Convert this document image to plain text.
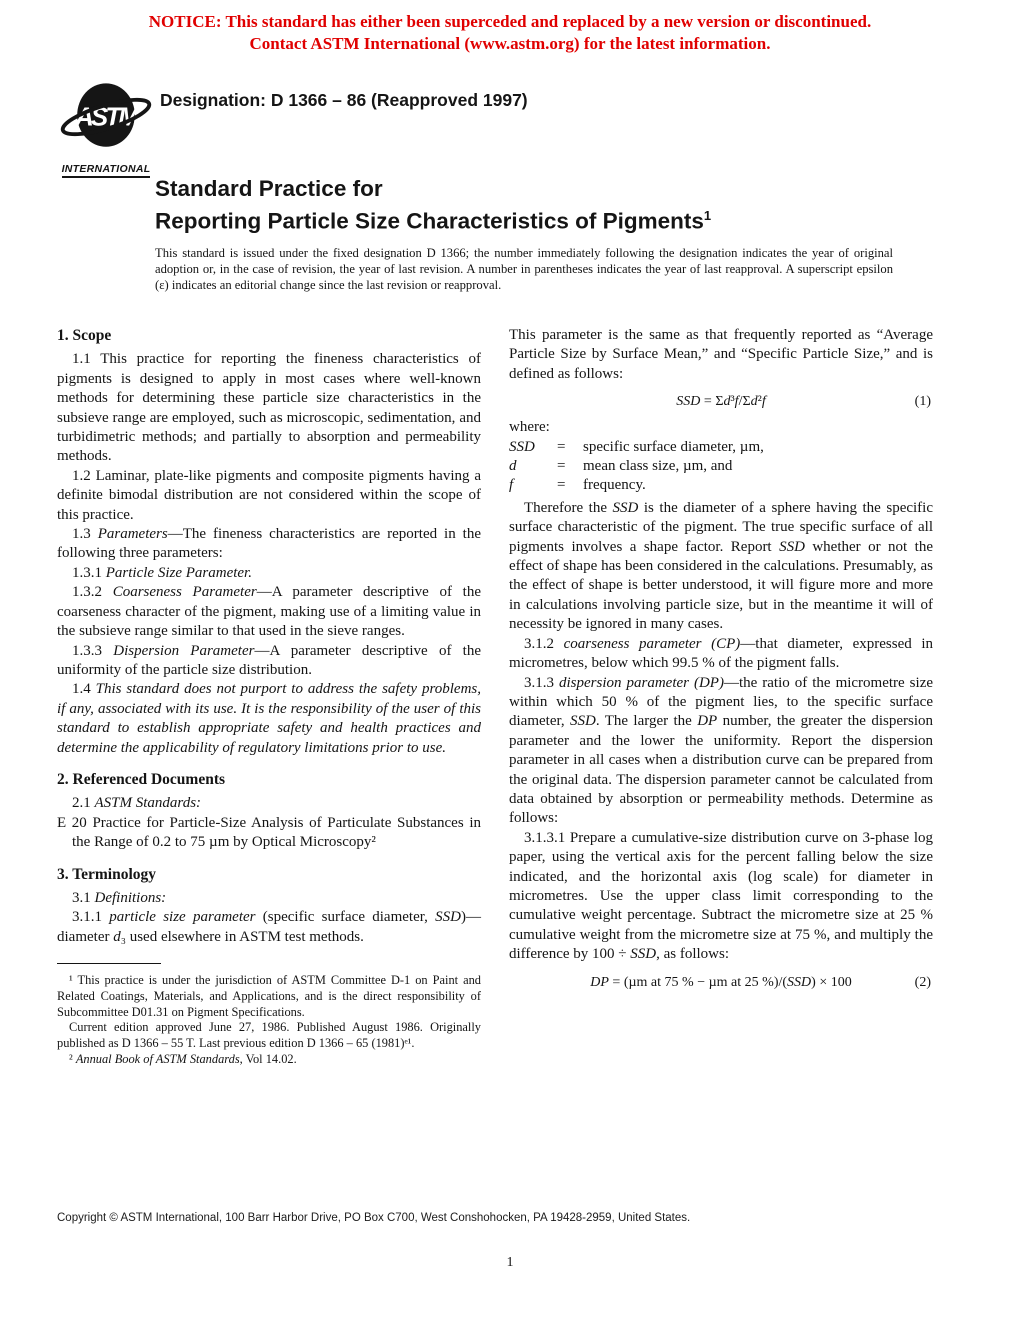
NOTICE: This standard has either been superceded and replaced by a new version or discontinued.
Contact ASTM International (www.astm.org) for the latest information.
ASTM
INTERNATIONAL
Designation: D 1366 – 86 (Reapproved 1997)
Standard Practice for
Reporting Particle Size Characteristics of Pigments$^1$
This standard is issued under the fixed designation D 1366; the number immediately following the designation indicates the year of original adoption or, in the case of revision, the year of last revision. A number in parentheses indicates the year of last reapproval. A superscript epsilon (ε) indicates an editorial change since the last revision or reapproval.
1. Scope

1.1 This practice for reporting the fineness characteristics of pigments is designed to apply in most cases where well-known methods for determining these particle size characteristics in the subsieve range are employed, such as microscopic, sedimentation, and turbidimetric methods; and partially to absorption and permeability methods.

1.2 Laminar, plate-like pigments and composite pigments having a definite bimodal distribution are not considered within the scope of this practice.

1.3 Parameters—The fineness characteristics are reported in the following three parameters:

1.3.1 Particle Size Parameter.

1.3.2 Coarseness Parameter—A parameter descriptive of the coarseness character of the pigment, making use of a limiting value in the subsieve range similar to that used in the sieve ranges.

1.3.3 Dispersion Parameter—A parameter descriptive of the uniformity of the particle size distribution.

1.4 This standard does not purport to address the safety problems, if any, associated with its use. It is the responsibility of the user of this standard to establish appropriate safety and health practices and determine the applicability of regulatory limitations prior to use.

2. Referenced Documents

2.1 ASTM Standards:

E 20 Practice for Particle-Size Analysis of Particulate Substances in the Range of 0.2 to 75 µm by Optical Microscopy²

3. Terminology

3.1 Definitions:

3.1.1 particle size parameter (specific surface diameter, SSD)—diameter d₃ used elsewhere in ASTM test methods.

¹ This practice is under the jurisdiction of ASTM Committee D-1 on Paint and Related Coatings, Materials, and Applications, and is the direct responsibility of Subcommittee D01.31 on Pigment Specifications.

Current edition approved June 27, 1986. Published August 1986. Originally published as D 1366 – 55 T. Last previous edition D 1366 – 65 (1981)ᵉ¹.

² Annual Book of ASTM Standards, Vol 14.02.

This parameter is the same as that frequently reported as “Average Particle Size by Surface Mean,” and “Specific Particle Size,” and is defined as follows:

SSD = Σd³f/Σd²f	(1)
where:
SSD	=	specific surface diameter, µm,
d	=	mean class size, µm, and
f	=	frequency.

Therefore the SSD is the diameter of a sphere having the specific surface characteristic of the pigment. The true specific surface of all pigments involves a shape factor. Report SSD whether or not the effect of shape has been considered in the calculations. Presumably, as the effect of shape is better understood, it will figure more and more in calculations involving particle size, but in the meantime it will of necessity be ignored in many cases.

3.1.2 coarseness parameter (CP)—that diameter, expressed in micrometres, below which 99.5 % of the pigment falls.

3.1.3 dispersion parameter (DP)—the ratio of the micrometre size within which 50 % of the pigment lies, to the specific surface diameter, SSD. The larger the DP number, the greater the dispersion parameter and the lower the uniformity. Report the dispersion parameter in all cases when a distribution curve can be prepared from the original data. The dispersion parameter cannot be calculated from data obtained by absorption or permeability methods. Determine as follows:

3.1.3.1 Prepare a cumulative-size distribution curve on 3-phase log paper, using the vertical axis for the percent falling below the size indicated, and the horizontal axis (log scale) for diameter in micrometres. Use the upper class limit corresponding to the cumulative weight percentage. Subtract the micrometre size at 25 % cumulative weight from the micrometre size at 75 %, and multiply the difference by 100 ÷ SSD, as follows:

DP = (µm at 75 % − µm at 25 %)/(SSD) × 100	(2)
Copyright © ASTM International, 100 Barr Harbor Drive, PO Box C700, West Conshohocken, PA 19428-2959, United States.
1
